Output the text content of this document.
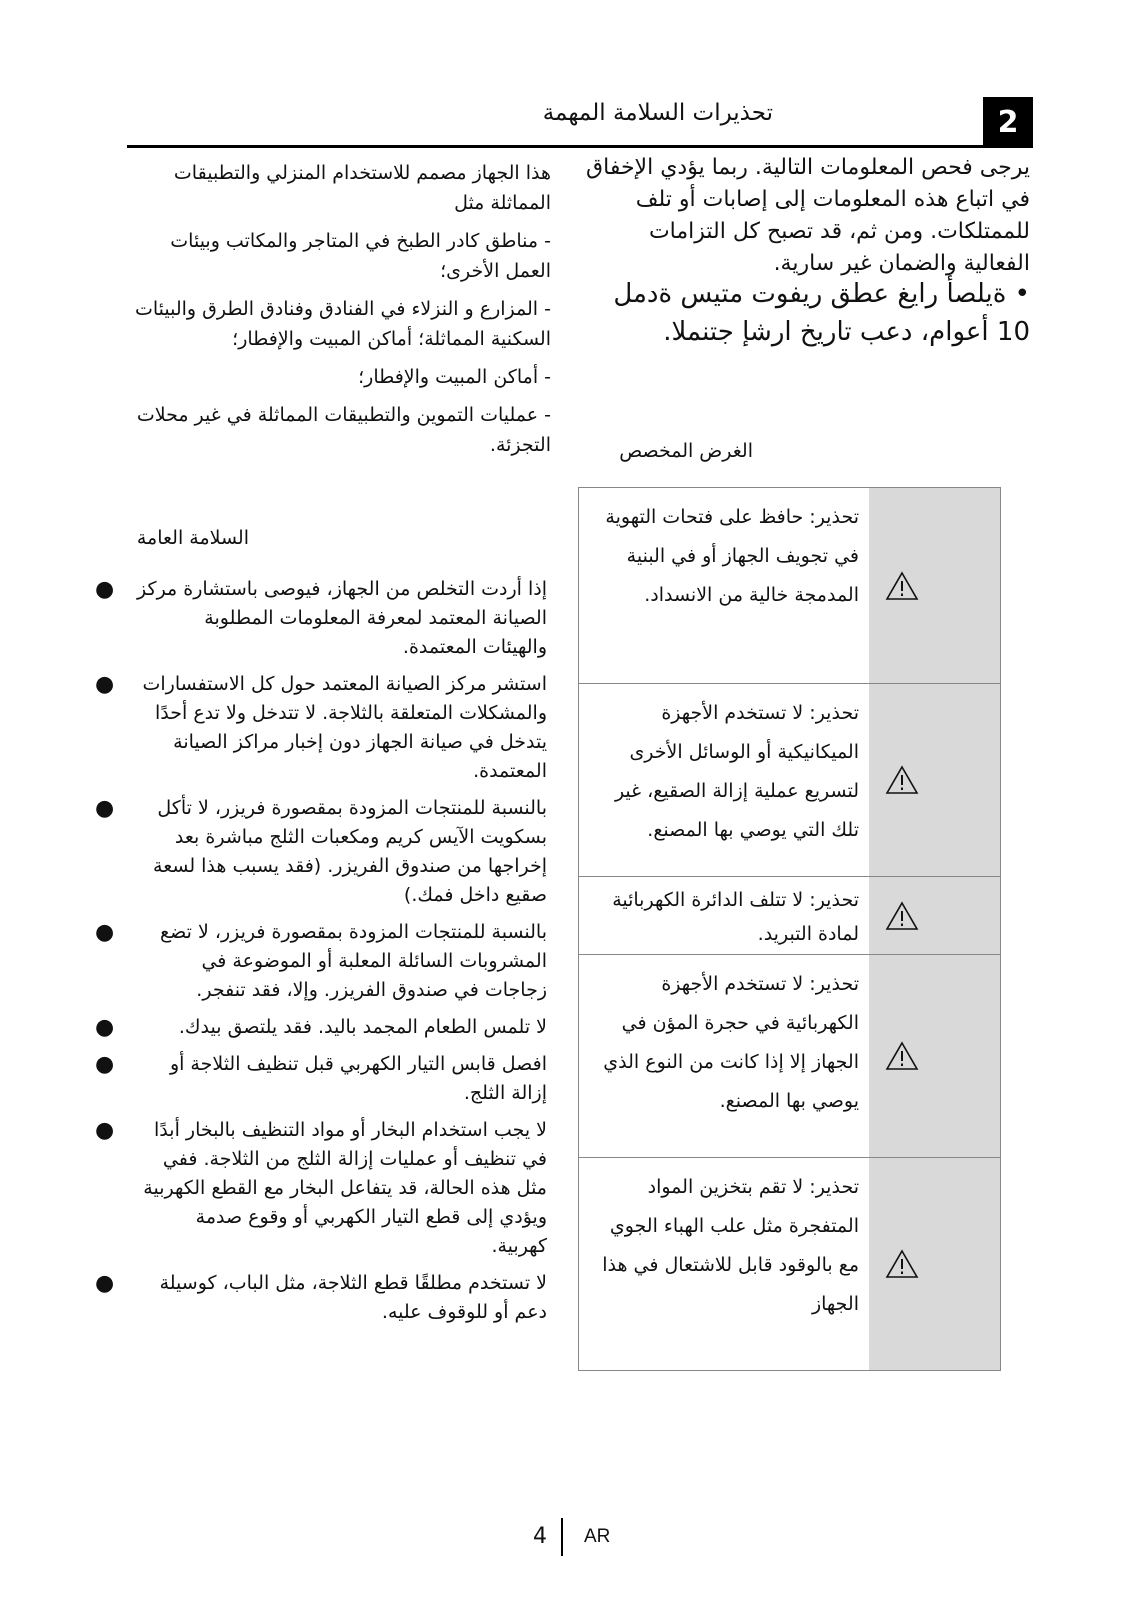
2
تحذيرات السلامة المهمة
يرجى فحص المعلومات التالية. ربما يؤدي الإخفاق في اتباع هذه المعلومات إلى إصابات أو تلف للممتلكات. ومن ثم، قد تصبح كل التزامات الفعالية والضمان غير سارية.
• ةيلصأ رايغ عطق ريفوت متيس ةدمل 10 أعوام، دعب تاريخ ارشإ جتنملا.

هذا الجهاز مصمم للاستخدام المنزلي والتطبيقات المماثلة مثل

- مناطق كادر الطبخ في المتاجر والمكاتب وبيئات العمل الأخرى؛

- المزارع و النزلاء في الفنادق وفنادق الطرق والبيئات السكنية المماثلة؛ أماكن المبيت والإفطار؛

- أماكن المبيت والإفطار؛

- عمليات التموين والتطبيقات المماثلة في غير محلات التجزئة.

السلامة العامة
● إذا أردت التخلص من الجهاز، فيوصى باستشارة مركز الصيانة المعتمد لمعرفة المعلومات المطلوبة والهيئات المعتمدة.
● استشر مركز الصيانة المعتمد حول كل الاستفسارات والمشكلات المتعلقة بالثلاجة. لا تتدخل ولا تدع أحدًا يتدخل في صيانة الجهاز دون إخبار مراكز الصيانة المعتمدة.
● بالنسبة للمنتجات المزودة بمقصورة فريزر، لا تأكل بسكويت الآيس كريم ومكعبات الثلج مباشرة بعد إخراجها من صندوق الفريزر. (فقد يسبب هذا لسعة صقيع داخل فمك.)
● بالنسبة للمنتجات المزودة بمقصورة فريزر، لا تضع المشروبات السائلة المعلبة أو الموضوعة في زجاجات في صندوق الفريزر. وإلا، فقد تنفجر.
●	لا تلمس الطعام المجمد باليد. فقد يلتصق بيدك.
●	افصل قابس التيار الكهربي قبل تنظيف الثلاجة أو إزالة الثلج.
● لا يجب استخدام البخار أو مواد التنظيف بالبخار أبدًا في تنظيف أو عمليات إزالة الثلج من الثلاجة. ففي مثل هذه الحالة، قد يتفاعل البخار مع القطع الكهربية ويؤدي إلى قطع التيار الكهربي أو وقوع صدمة كهربية.
● لا تستخدم مطلقًا قطع الثلاجة، مثل الباب، كوسيلة دعم أو للوقوف عليه.
الغرض المخصص
تحذير: حافظ على فتحات التهوية في تجويف الجهاز أو في البنية المدمجة خالية من الانسداد.
تحذير: لا تستخدم الأجهزة الميكانيكية أو الوسائل الأخرى لتسريع عملية إزالة الصقيع، غير تلك التي يوصي بها المصنع.
تحذير: لا تتلف الدائرة الكهربائية لمادة التبريد.
تحذير: لا تستخدم الأجهزة الكهربائية في حجرة المؤن في الجهاز إلا إذا كانت من النوع الذي يوصي بها المصنع.
تحذير: لا تقم بتخزين المواد المتفجرة مثل علب الهباء الجوي مع بالوقود قابل للاشتعال في هذا الجهاز
4 AR
